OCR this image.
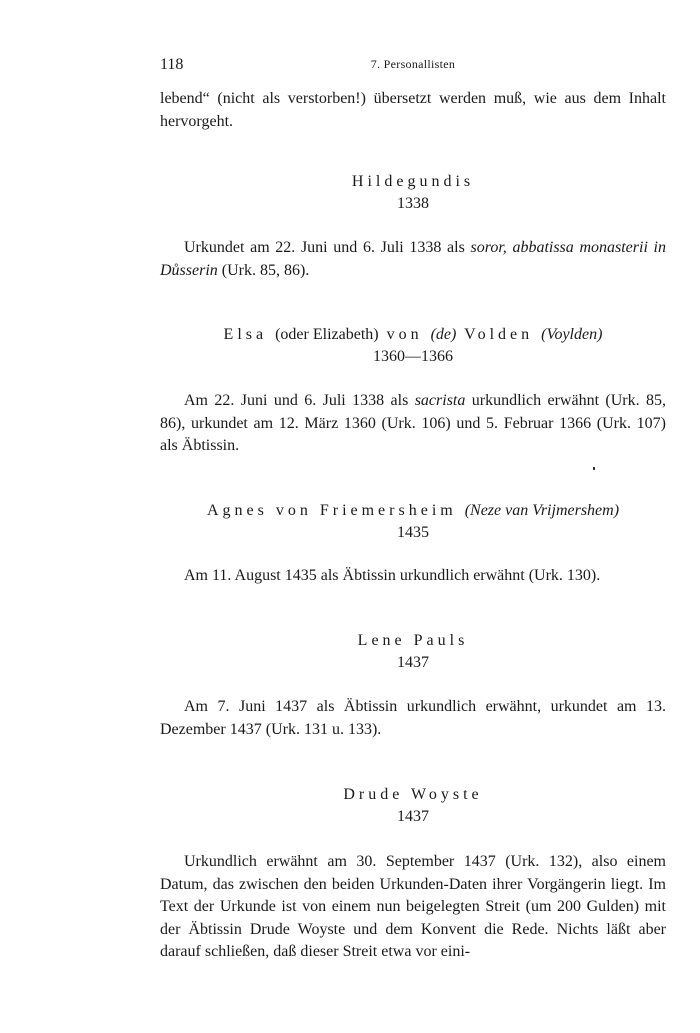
118	7. Personallisten

lebend“ (nicht als verstorben!) übersetzt werden muß, wie aus dem Inhalt hervorgeht.

Hildegundis
1338

Urkundet am 22. Juni und 6. Juli 1338 als soror, abbatissa monasterii in Důsserin (Urk. 85, 86).

Elsa (oder Elizabeth) von (de) Volden (Voylden)
1360—1366

Am 22. Juni und 6. Juli 1338 als sacrista urkundlich erwähnt (Urk. 85, 86), urkundet am 12. März 1360 (Urk. 106) und 5. Februar 1366 (Urk. 107) als Äbtissin.

Agnes von Friemersheim (Neze van Vrijmershem)
1435

Am 11. August 1435 als Äbtissin urkundlich erwähnt (Urk. 130).

Lene Pauls
1437

Am 7. Juni 1437 als Äbtissin urkundlich erwähnt, urkundet am 13. Dezember 1437 (Urk. 131 u. 133).

Drude Woyste
1437

Urkundlich erwähnt am 30. September 1437 (Urk. 132), also einem Datum, das zwischen den beiden Urkunden-Daten ihrer Vorgängerin liegt. Im Text der Urkunde ist von einem nun beigelegten Streit (um 200 Gulden) mit der Äbtissin Drude Woyste und dem Konvent die Rede. Nichts läßt aber darauf schließen, daß dieser Streit etwa vor eini-
